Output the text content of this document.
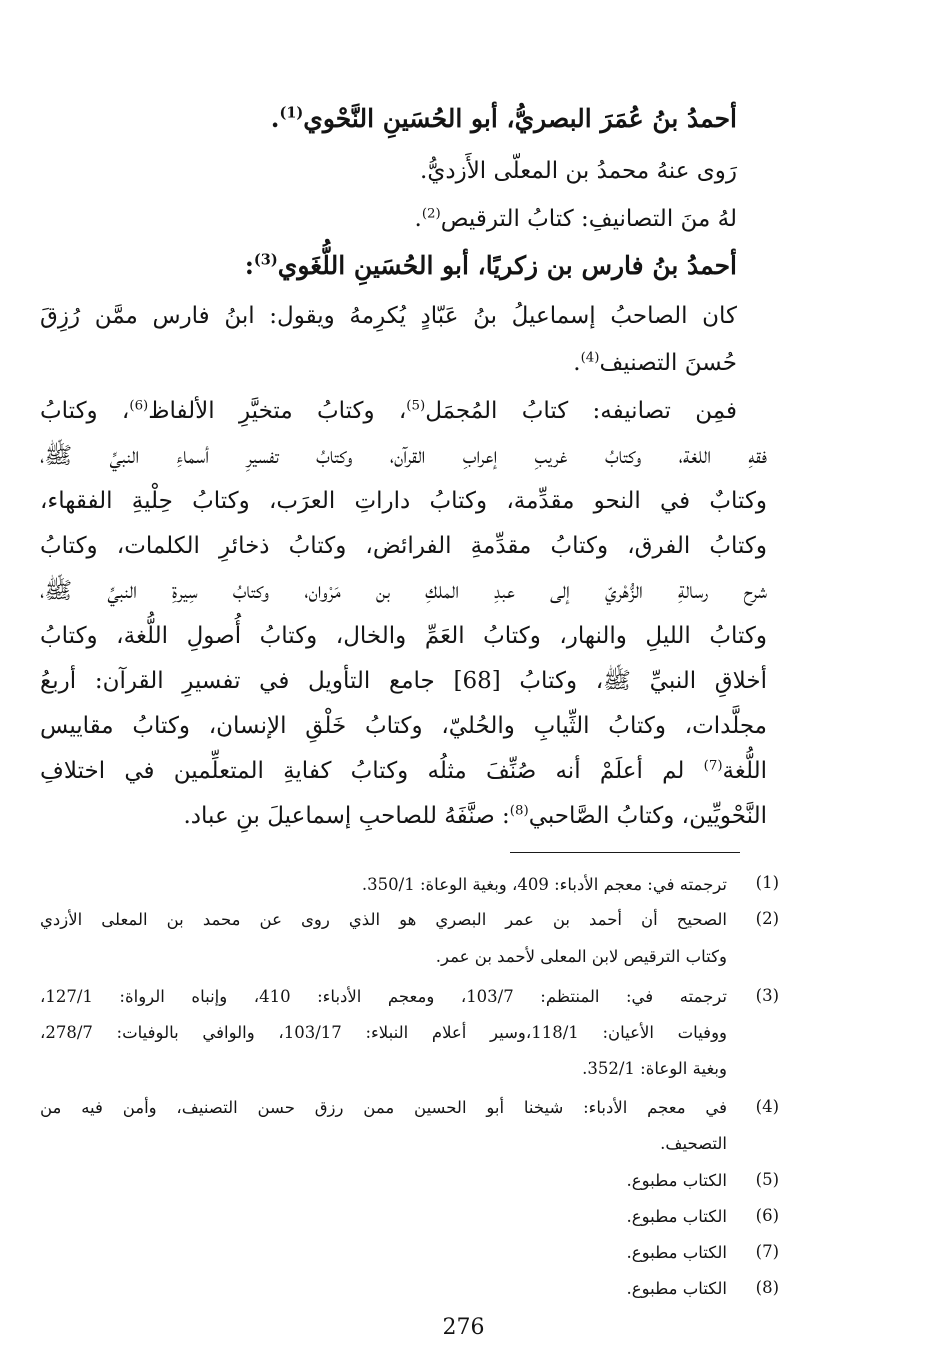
أحمدُ بنُ عُمَرَ البصريُّ، أبو الحُسَينِ النَّحْوي$^{(1)}$.
رَوى عنهُ محمدُ بن المعلّى الأَزديُّ.
لهُ منَ التصانيفِ: كتابُ الترقيص$^{(2)}$.
أحمدُ بنُ فارس بن زكريًا، أبو الحُسَينِ اللُّغَوي$^{(3)}$:
كان الصاحبُ إسماعيلُ بنُ عَبّادٍ يُكرِمهُ ويقول: ابنُ فارس ممَّن رُزِقَ
حُسنَ التصنيف$^{(4)}$.
فمِن تصانيفه: كتابُ المُجمَل$^{(5)}$، وكتابُ متخيَّرِ الألفاظ$^{(6)}$، وكتابُ
فقهِ اللغة، وكتابُ غريبِ إعرابِ القرآن، وكتابُ تفسيرِ أسماءِ النبيِّ ﷺ،
وكتابٌ في النحو مقدِّمة، وكتابُ داراتِ العرَب، وكتابُ حِلْيةِ الفقهاء،
وكتابُ الفرق، وكتابُ مقدِّمةِ الفرائض، وكتابُ ذخائرِ الكلمات، وكتابُ
شرح رسالةِ الزُّهْريّ إلى عبدِ الملكِ بن مَرْوان، وكتابُ سِيرةِ النبيِّ ﷺ،
وكتابُ الليلِ والنهار، وكتابُ العَمِّ والخال، وكتابُ أُصولِ اللُّغة، وكتابُ
أخلاقِ النبيِّ ﷺ، وكتابُ [68] جامع التأويل في تفسيرِ القرآن: أربعُ
مجلَّدات، وكتابُ الثِّيابِ والحُليّ، وكتابُ خَلْقِ الإنسان، وكتابُ مقاييس
اللُّغة$^{(7)}$ لم أعلَمْ أنه صُنِّفَ مثلُه وكتابُ كفايةِ المتعلِّمين في اختلافِ
النَّحْويِّين، وكتابُ الصَّاحبي$^{(8)}$: صنَّفَهُ للصاحبِ إسماعيلَ بنِ عباد.
(1)
ترجمته في: معجم الأدباء: 409، وبغية الوعاة: 350/1.
(2)
الصحيح أن أحمد بن عمر البصري هو الذي روى عن محمد بن المعلى الأزدي
وكتاب الترقيص لابن المعلى لأحمد بن عمر.
(3)
ترجمته في: المنتظم: 103/7، ومعجم الأدباء: 410، وإنباه الرواة: 127/1،
ووفيات الأعيان: 118/1،وسير أعلام النبلاء: 103/17، والوافي بالوفيات: 278/7،
وبغية الوعاة: 352/1.
(4)
في معجم الأدباء: شيخنا أبو الحسين ممن رزق حسن التصنيف، وأمن فيه من
التصحيف.
(5)
الكتاب مطبوع.
(6)
الكتاب مطبوع.
(7)
الكتاب مطبوع.
(8)
الكتاب مطبوع.
276
